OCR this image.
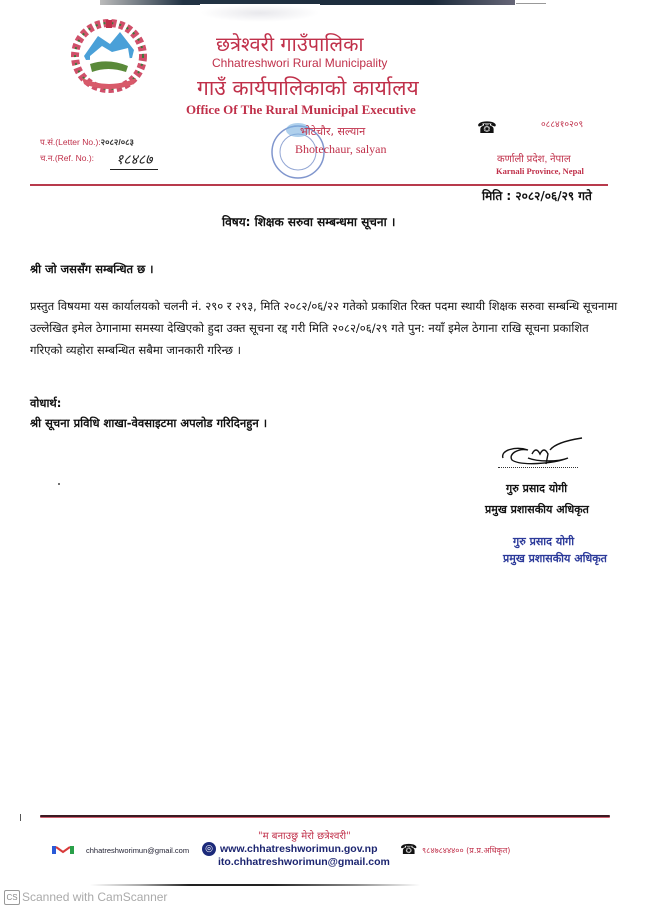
छत्रेश्वरी गाउँपालिका
Chhatreshwori Rural Municipality
गाउँ कार्यपालिकाको कार्यालय
Office Of The Rural Municipal Executive
प.सं.(Letter No.):२०८२/०८३
च.न.(Ref. No.):	१८४८७
भोटेचौर, सल्यान
Bhotechaur, salyan
☎	०८८४१०२०९
कर्णाली प्रदेश, नेपाल
Karnali Province, Nepal
मिति : २०८२/०६/२९ गते
विषय: शिक्षक सरुवा सम्बन्धमा सूचना ।
श्री जो जससँग सम्बन्धित छ ।
प्रस्तुत विषयमा यस कार्यालयको चलनी नं. २९० र २९३, मिति २०८२/०६/२२ गतेको प्रकाशित रिक्त पदमा स्थायी शिक्षक सरुवा सम्बन्धि सूचनामा उल्लेखित इमेल ठेगानामा समस्या देखिएको हुदा उक्त सूचना रद्द गरी मिति २०८२/०६/२९ गते पुन: नयाँ इमेल ठेगाना राखि सूचना प्रकाशित गरिएको व्यहोरा सम्बन्धित सबैमा जानकारी गरिन्छ ।
वोधार्थ:
श्री सूचना प्रविधि शाखा-वेवसाइटमा अपलोड गरिदिनहुन ।
गुरु प्रसाद योगी
प्रमुख प्रशासकीय अधिकृत
गुरु प्रसाद योगी
प्रमुख प्रशासकीय अधिकृत
"म बनाउछु मेरो छत्रेश्वरी"
chhatreshworimun@gmail.com	◎ www.chhatreshworimun.gov.np
ito.chhatreshworimun@gmail.com
☎ ९८४७८४४४०० (प्र.प्र.अधिकृत)
CS Scanned with CamScanner
